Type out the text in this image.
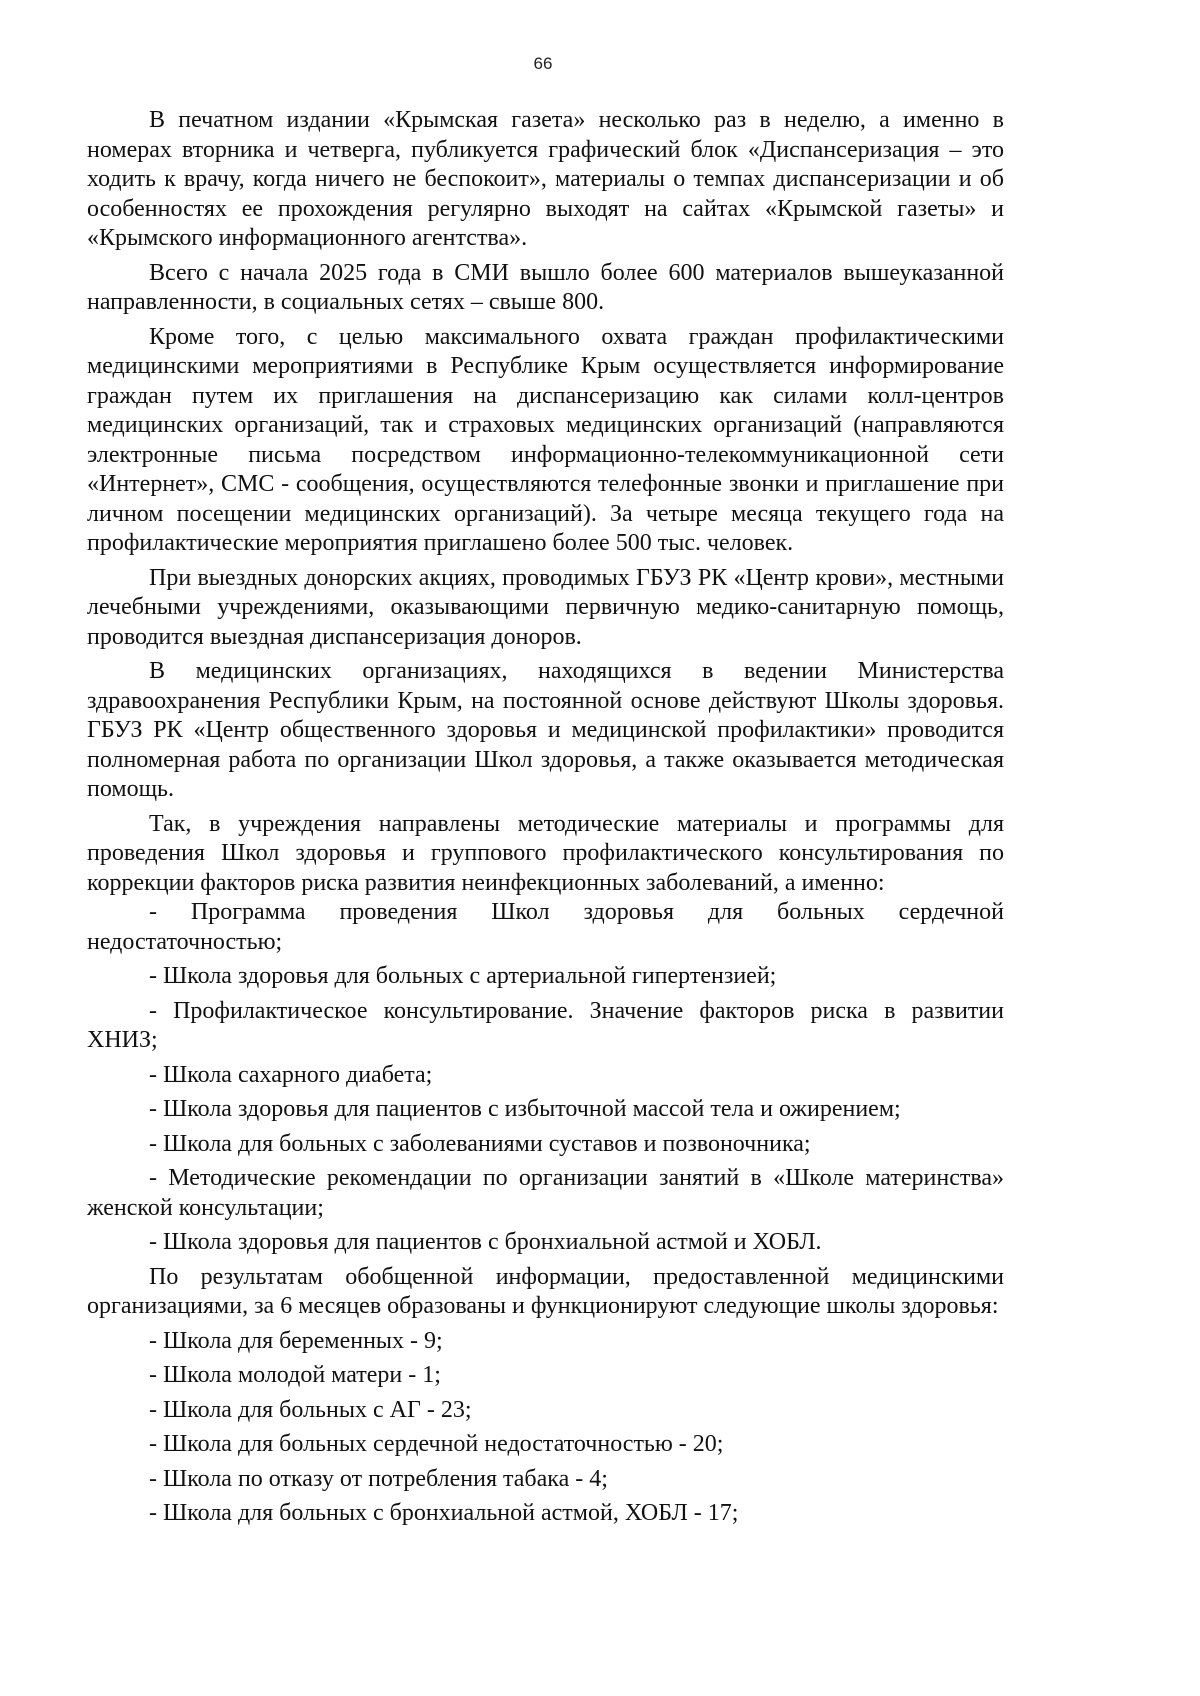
66

В печатном издании «Крымская газета» несколько раз в неделю, а именно в номерах вторника и четверга, публикуется графический блок «Диспансеризация – это ходить к врачу, когда ничего не беспокоит», материалы о темпах диспансеризации и об особенностях ее прохождения регулярно выходят на сайтах «Крымской газеты» и «Крымского информационного агентства».

Всего с начала 2025 года в СМИ вышло более 600 материалов вышеуказанной направленности, в социальных сетях – свыше 800.

Кроме того, с целью максимального охвата граждан профилактическими медицинскими мероприятиями в Республике Крым осуществляется информирование граждан путем их приглашения на диспансеризацию как силами колл-центров медицинских организаций, так и страховых медицинских организаций (направляются электронные письма посредством информационно-телекоммуникационной сети «Интернет», СМС - сообщения, осуществляются телефонные звонки и приглашение при личном посещении медицинских организаций). За четыре месяца текущего года на профилактические мероприятия приглашено более 500 тыс. человек.

При выездных донорских акциях, проводимых ГБУЗ РК «Центр крови», местными лечебными учреждениями, оказывающими первичную медико-санитарную помощь, проводится выездная диспансеризация доноров.

В медицинских организациях, находящихся в ведении Министерства здравоохранения Республики Крым, на постоянной основе действуют Школы здоровья. ГБУЗ РК «Центр общественного здоровья и медицинской профилактики» проводится полномерная работа по организации Школ здоровья, а также оказывается методическая помощь.

Так, в учреждения направлены методические материалы и программы для проведения Школ здоровья и группового профилактического консультирования по коррекции факторов риска развития неинфекционных заболеваний, а именно:

- Программа проведения Школ здоровья для больных сердечной недостаточностью;

- Школа здоровья для больных с артериальной гипертензией;

- Профилактическое консультирование. Значение факторов риска в развитии ХНИЗ;

- Школа сахарного диабета;

- Школа здоровья для пациентов с избыточной массой тела и ожирением;

- Школа для больных с заболеваниями суставов и позвоночника;

- Методические рекомендации по организации занятий в «Школе материнства» женской консультации;

- Школа здоровья для пациентов с бронхиальной астмой и ХОБЛ.

По результатам обобщенной информации, предоставленной медицинскими организациями, за 6 месяцев образованы и функционируют следующие школы здоровья:

- Школа для беременных - 9;

- Школа молодой матери - 1;

- Школа для больных с АГ - 23;

- Школа для больных сердечной недостаточностью - 20;

- Школа по отказу от потребления табака - 4;

- Школа для больных с бронхиальной астмой, ХОБЛ - 17;
